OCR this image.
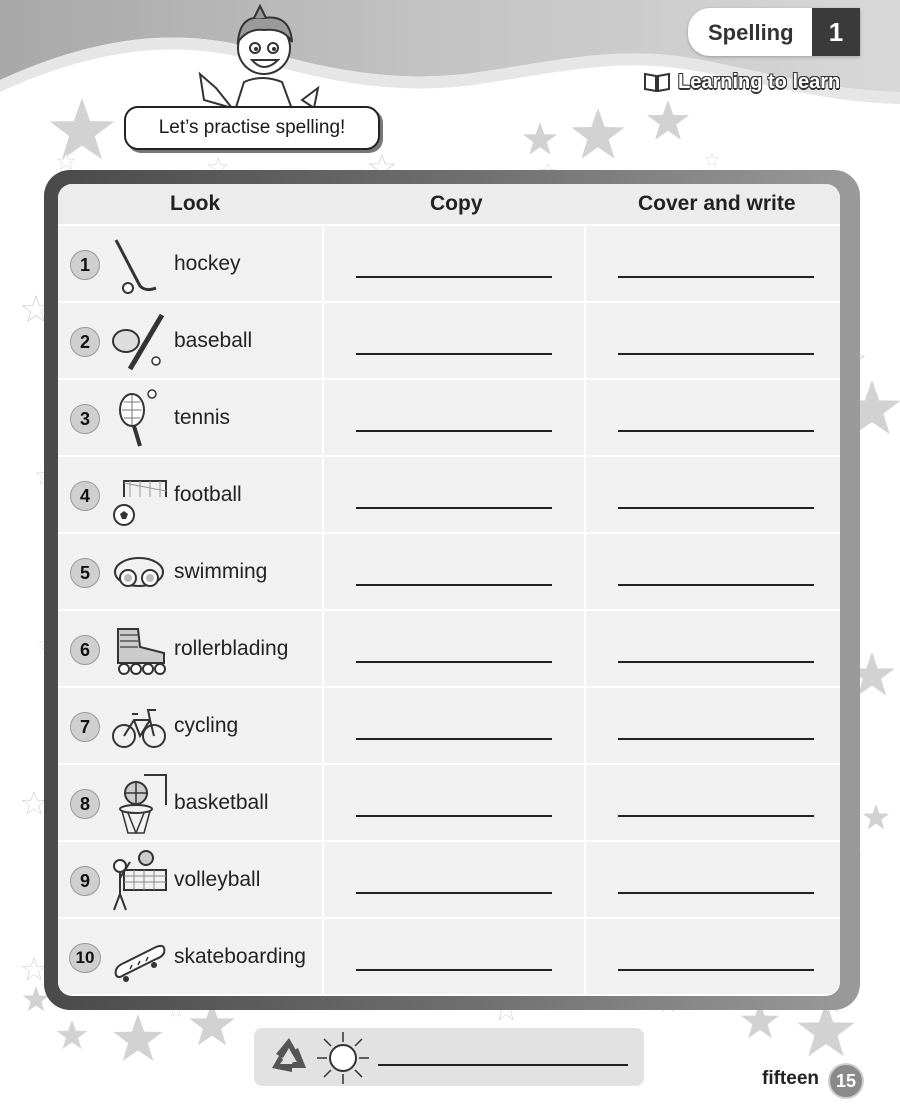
Spelling	1
Learning to learn
Let’s practise spelling!
Look	Copy	Cover and write
1	hockey
2	baseball
3	tennis
4	football
5	swimming
6	rollerblading
7	cycling
8	basketball
9	volleyball
10	skateboarding
fifteen 15
